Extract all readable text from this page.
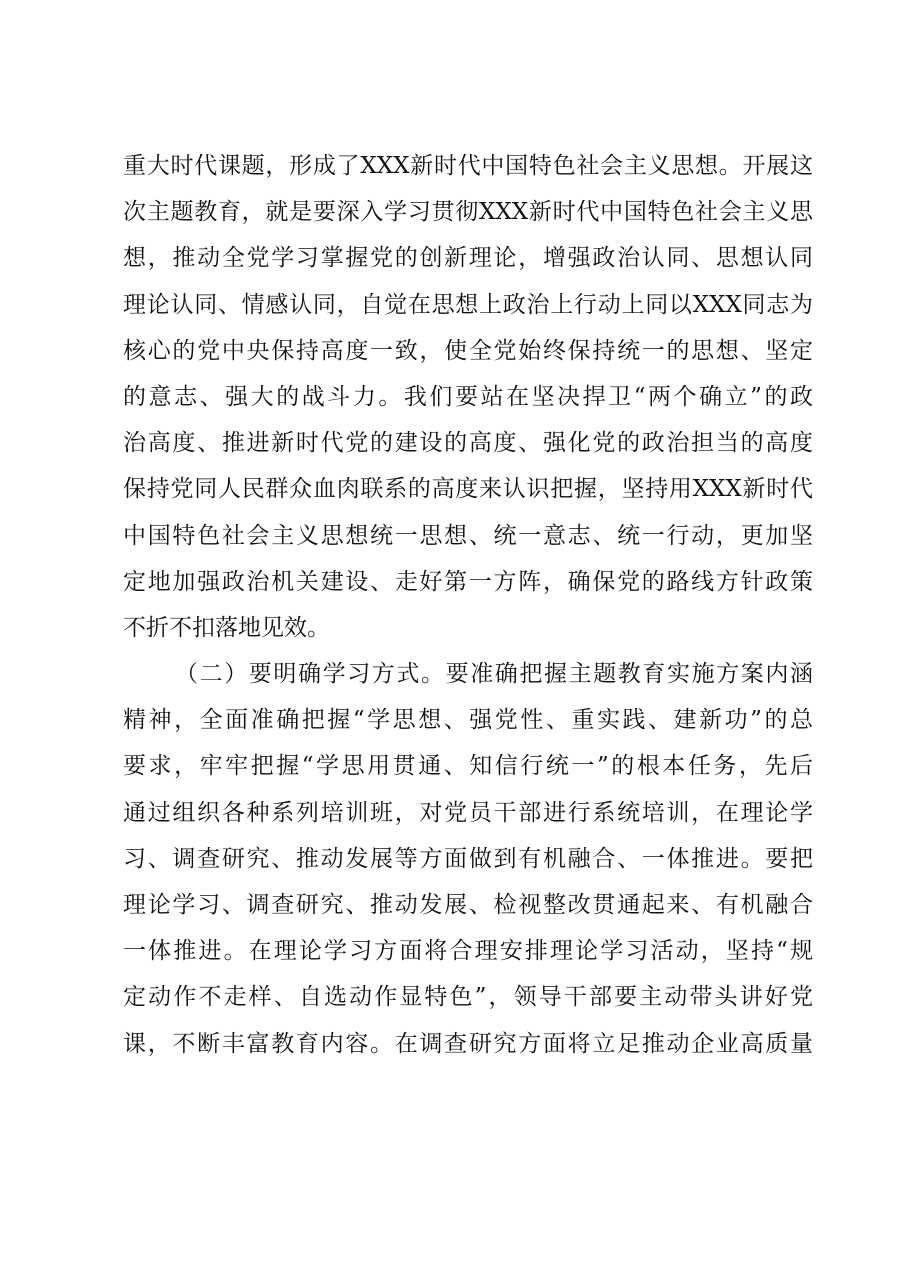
重大时代课题，形成了XXX新时代中国特色社会主义思想。开展这
次主题教育，就是要深入学习贯彻XXX新时代中国特色社会主义思
想，推动全党学习掌握党的创新理论，增强政治认同、思想认同
理论认同、情感认同，自觉在思想上政治上行动上同以XXX同志为
核心的党中央保持高度一致，使全党始终保持统一的思想、坚定
的意志、强大的战斗力。我们要站在坚决捍卫“两个确立”的政
治高度、推进新时代党的建设的高度、强化党的政治担当的高度
保持党同人民群众血肉联系的高度来认识把握，坚持用XXX新时代
中国特色社会主义思想统一思想、统一意志、统一行动，更加坚
定地加强政治机关建设、走好第一方阵，确保党的路线方针政策
不折不扣落地见效。
（二）要明确学习方式。要准确把握主题教育实施方案内涵
精神，全面准确把握“学思想、强党性、重实践、建新功”的总
要求，牢牢把握“学思用贯通、知信行统一”的根本任务，先后
通过组织各种系列培训班，对党员干部进行系统培训，在理论学
习、调查研究、推动发展等方面做到有机融合、一体推进。要把
理论学习、调查研究、推动发展、检视整改贯通起来、有机融合
一体推进。在理论学习方面将合理安排理论学习活动，坚持“规
定动作不走样、自选动作显特色”，领导干部要主动带头讲好党
课，不断丰富教育内容。在调查研究方面将立足推动企业高质量
